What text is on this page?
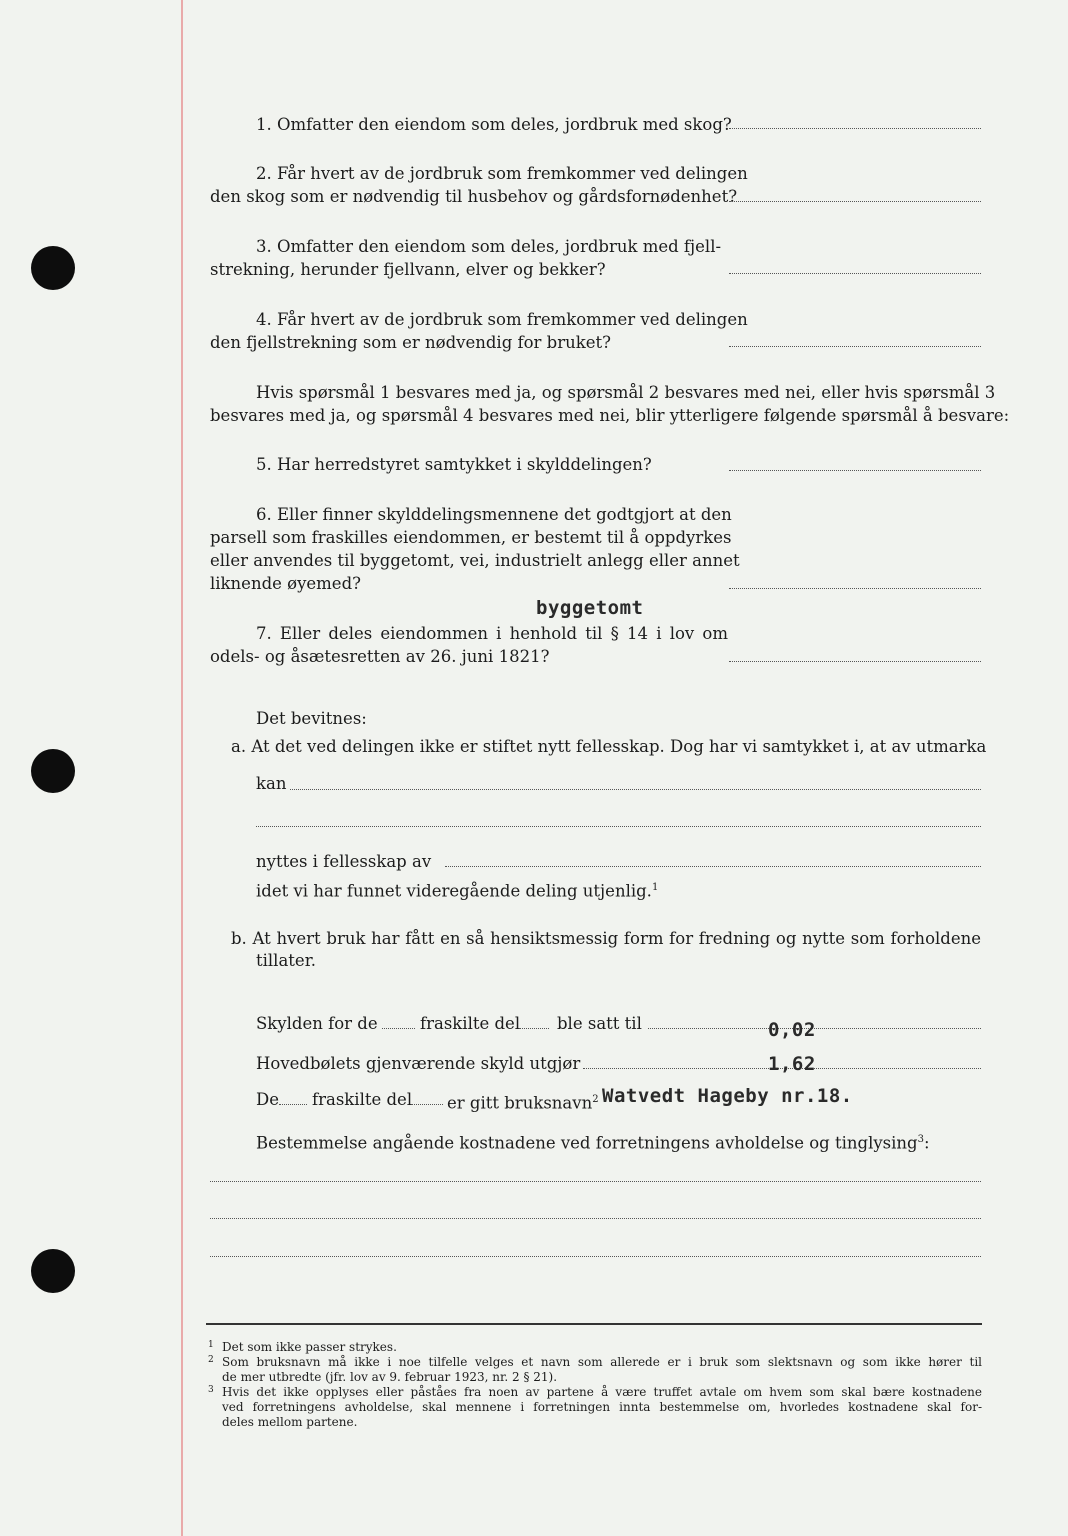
1. Omfatter den eiendom som deles, jordbruk med skog?
2. Får hvert av de jordbruk som fremkommer ved delingen
den skog som er nødvendig til husbehov og gårdsfornødenhet?
3. Omfatter den eiendom som deles, jordbruk med fjell-
strekning, herunder fjellvann, elver og bekker?
4. Får hvert av de jordbruk som fremkommer ved delingen
den fjellstrekning som er nødvendig for bruket?
Hvis spørsmål 1 besvares med ja, og spørsmål 2 besvares med nei, eller hvis spørsmål 3
besvares med ja, og spørsmål 4 besvares med nei, blir ytterligere følgende spørsmål å besvare:
5. Har herredstyret samtykket i skylddelingen?
6. Eller finner skylddelingsmennene det godtgjort at den
parsell som fraskilles eiendommen, er bestemt til å oppdyrkes
eller anvendes til byggetomt, vei, industrielt anlegg eller annet
liknende øyemed?
byggetomt
7. Eller deles eiendommen i henhold til § 14 i lov om
odels- og åsætesretten av 26. juni 1821?
Det bevitnes:
a. At det ved delingen ikke er stiftet nytt fellesskap. Dog har vi samtykket i, at av utmarka
kan
nyttes i fellesskap av
idet vi har funnet videregående deling utjenlig.$^1$
b. At hvert bruk har fått en så hensiktsmessig form for fredning og nytte som forholdene
tillater.
Skylden for de	fraskilte del ble satt til	0,02
Hovedbølets gjenværende skyld utgjør	1,62
De fraskilte del er gitt bruksnavn$^2$ Watvedt Hageby nr.18.
Bestemmelse angående kostnadene ved forretningens avholdelse og tinglysing$^3$:
1 Det som ikke passer strykes.
2 Som bruksnavn må ikke i noe tilfelle velges et navn som allerede er i bruk som slektsnavn og som ikke hører til
de mer utbredte (jfr. lov av 9. februar 1923, nr. 2 § 21).
3 Hvis det ikke opplyses eller påståes fra noen av partene å være truffet avtale om hvem som skal bære kostnadene
ved forretningens avholdelse, skal mennene i forretningen innta bestemmelse om, hvorledes kostnadene skal for-
deles mellom partene.
